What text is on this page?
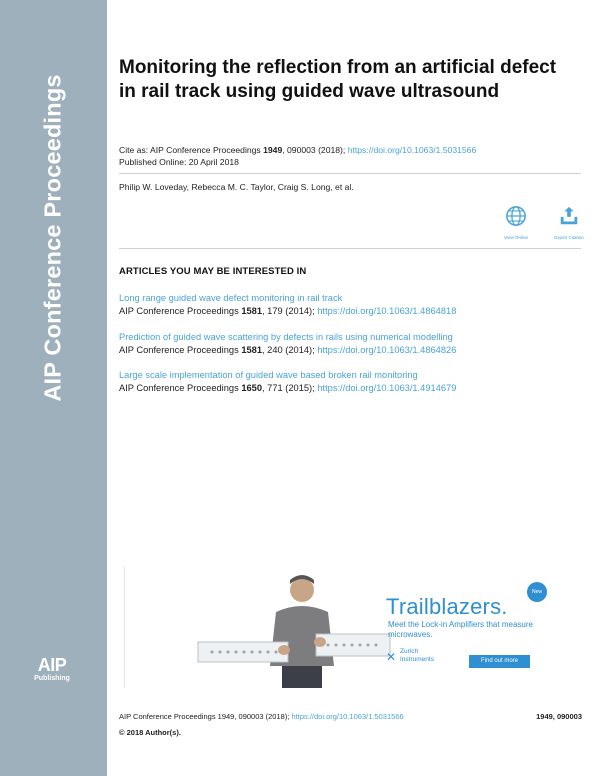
AIP Conference Proceedings
AIP
Publishing
Monitoring the reflection from an artificial defect in rail track using guided wave ultrasound
Cite as: AIP Conference Proceedings 1949, 090003 (2018); https://doi.org/10.1063/1.5031566
Published Online: 20 April 2018
Philip W. Loveday, Rebecca M. C. Taylor, Craig S. Long, et al.
View Online	Export Citation
ARTICLES YOU MAY BE INTERESTED IN
Long range guided wave defect monitoring in rail track
AIP Conference Proceedings 1581, 179 (2014); https://doi.org/10.1063/1.4864818
Prediction of guided wave scattering by defects in rails using numerical modelling
AIP Conference Proceedings 1581, 240 (2014); https://doi.org/10.1063/1.4864826
Large scale implementation of guided wave based broken rail monitoring
AIP Conference Proceedings 1650, 771 (2015); https://doi.org/10.1063/1.4914679
Trailblazers.
New
Meet the Lock-in Amplifiers that measure microwaves.
✕ Zurich
Instruments	Find out more
AIP Conference Proceedings 1949, 090003 (2018); https://doi.org/10.1063/1.5031566	1949, 090003
© 2018 Author(s).
